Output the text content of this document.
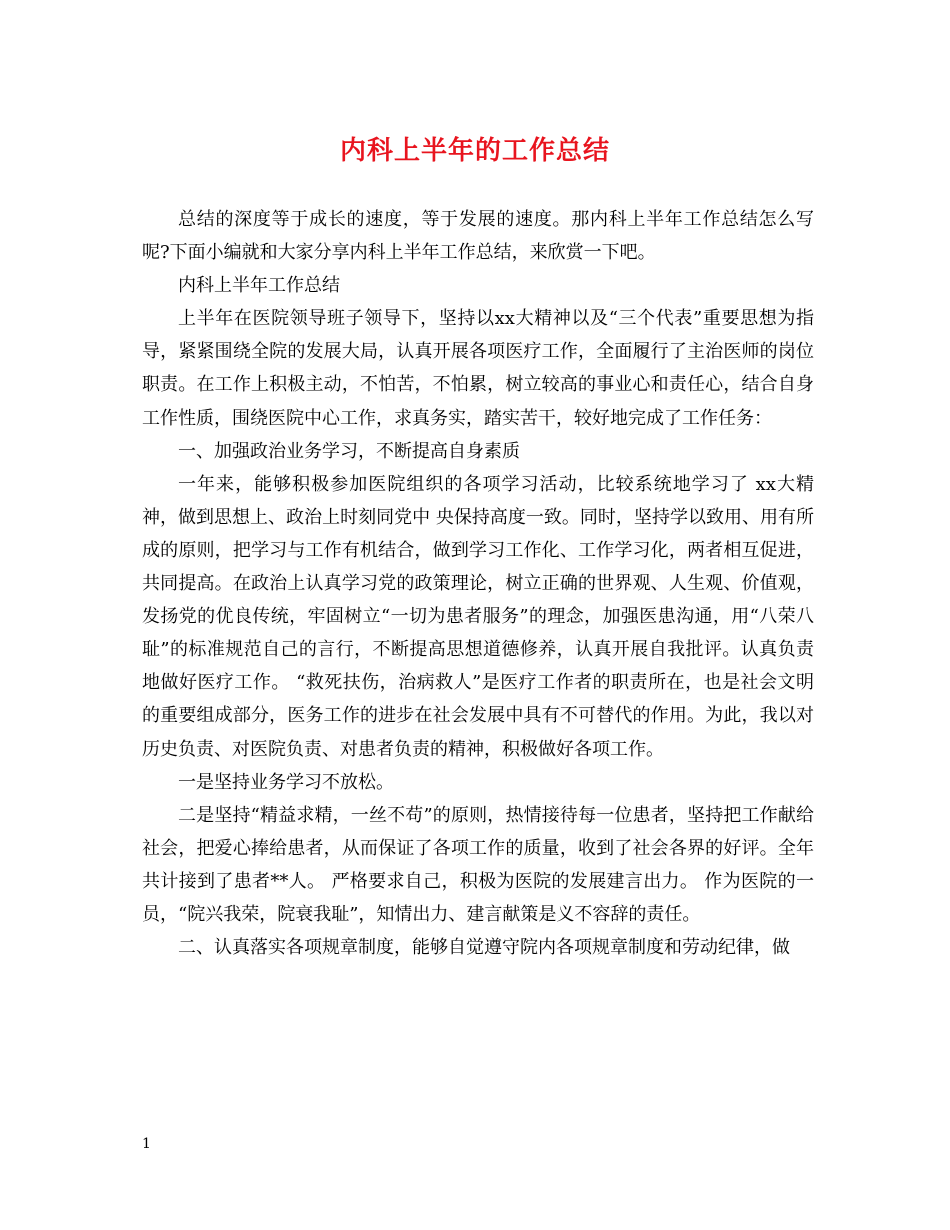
内科上半年的工作总结

总结的深度等于成长的速度，等于发展的速度。那内科上半年工作总结怎么写呢?下面小编就和大家分享内科上半年工作总结，来欣赏一下吧。

内科上半年工作总结

上半年在医院领导班子领导下，坚持以xx大精神以及“三个代表”重要思想为指导，紧紧围绕全院的发展大局，认真开展各项医疗工作，全面履行了主治医师的岗位职责。在工作上积极主动，不怕苦，不怕累，树立较高的事业心和责任心，结合自身工作性质，围绕医院中心工作，求真务实，踏实苦干，较好地完成了工作任务：

一、加强政治业务学习，不断提高自身素质

一年来，能够积极参加医院组织的各项学习活动，比较系统地学习了 xx大精神，做到思想上、政治上时刻同党中 央保持高度一致。同时，坚持学以致用、用有所成的原则，把学习与工作有机结合，做到学习工作化、工作学习化，两者相互促进，共同提高。在政治上认真学习党的政策理论，树立正确的世界观、人生观、价值观，发扬党的优良传统，牢固树立“一切为患者服务”的理念，加强医患沟通，用“八荣八耻”的标准规范自己的言行，不断提高思想道德修养，认真开展自我批评。认真负责地做好医疗工作。 “救死扶伤，治病救人”是医疗工作者的职责所在，也是社会文明的重要组成部分，医务工作的进步在社会发展中具有不可替代的作用。为此，我以对历史负责、对医院负责、对患者负责的精神，积极做好各项工作。

一是坚持业务学习不放松。

二是坚持“精益求精，一丝不苟”的原则，热情接待每一位患者，坚持把工作献给社会，把爱心捧给患者，从而保证了各项工作的质量，收到了社会各界的好评。全年共计接到了患者**人。 严格要求自己，积极为医院的发展建言出力。 作为医院的一员，“院兴我荣，院衰我耻”，知情出力、建言献策是义不容辞的责任。

二、认真落实各项规章制度，能够自觉遵守院内各项规章制度和劳动纪律，做

1
